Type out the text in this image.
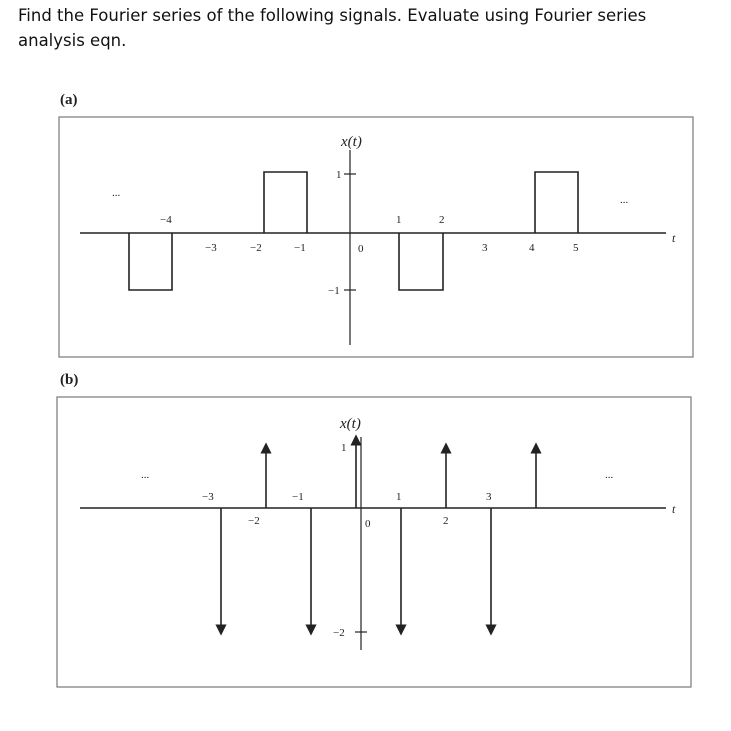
Find the Fourier series of the following signals. Evaluate using Fourier series
analysis eqn.

(a)
x(t)
1
−1
0
t
...
...
−4
−3	−2	−1
1	2
3	4	5
(b)
x(t)
1
−2
0
t
...	...
−3
−2
−1	1
2
3
